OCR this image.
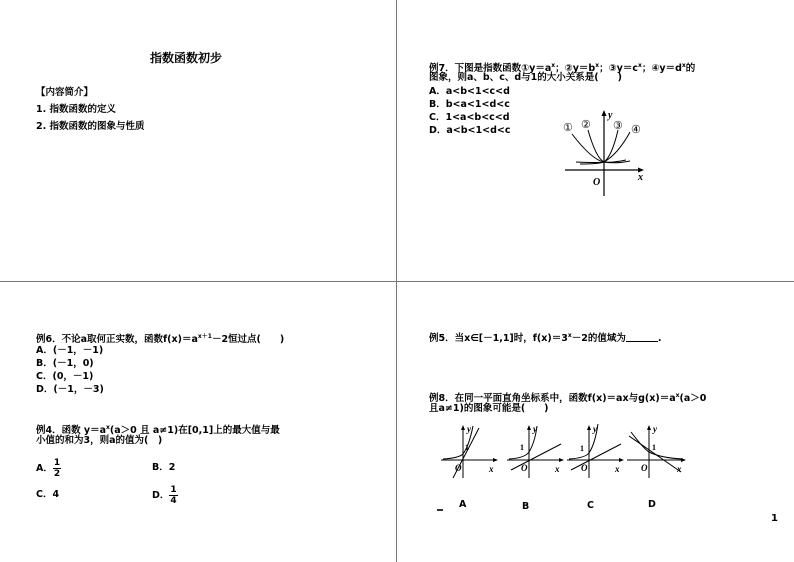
指数函数初步
【内容简介】
1. 指数函数的定义
2. 指数函数的图象与性质
例7．下图是指数函数$①y=a^x$；$②y=b^x$；$③y=c^x$；$④y=d^x$的
图象，则a、b、c、d与1的大小关系是(　　)
A．a<b<1<c<d
B．b<a<1<d<c
C．1<a<b<c<d
D．a<b<1<d<c	① ② ③ ④
x
y
O
例6．不论a取何正实数，函数$f(x)=a^{x+1}-2$恒过点(　　)
A．(－1，－1)
B．(－1，0)
C．(0，－1)
D．(－1，－3)
例4．函数 $y=a^x(a>0$ 且 a≠1)在[0,1]上的最大值与最
小值的和为3，则a的值为(　)
A． $\frac{1}{2}$	B．2
C．4	D． $\frac{1}{4}$
例5．当x∈[－1,1]时，$f(x)=3^x-2$的值域为	.
例8．在同一平面直角坐标系中，函数f(x)＝ax与$g(x)=a^x(a>0$
且a≠1)的图象可能是(　　)
1
O	x
y
1
O	x
y
1
O	x
y
1
O	x
y
A	B	C	D
1
